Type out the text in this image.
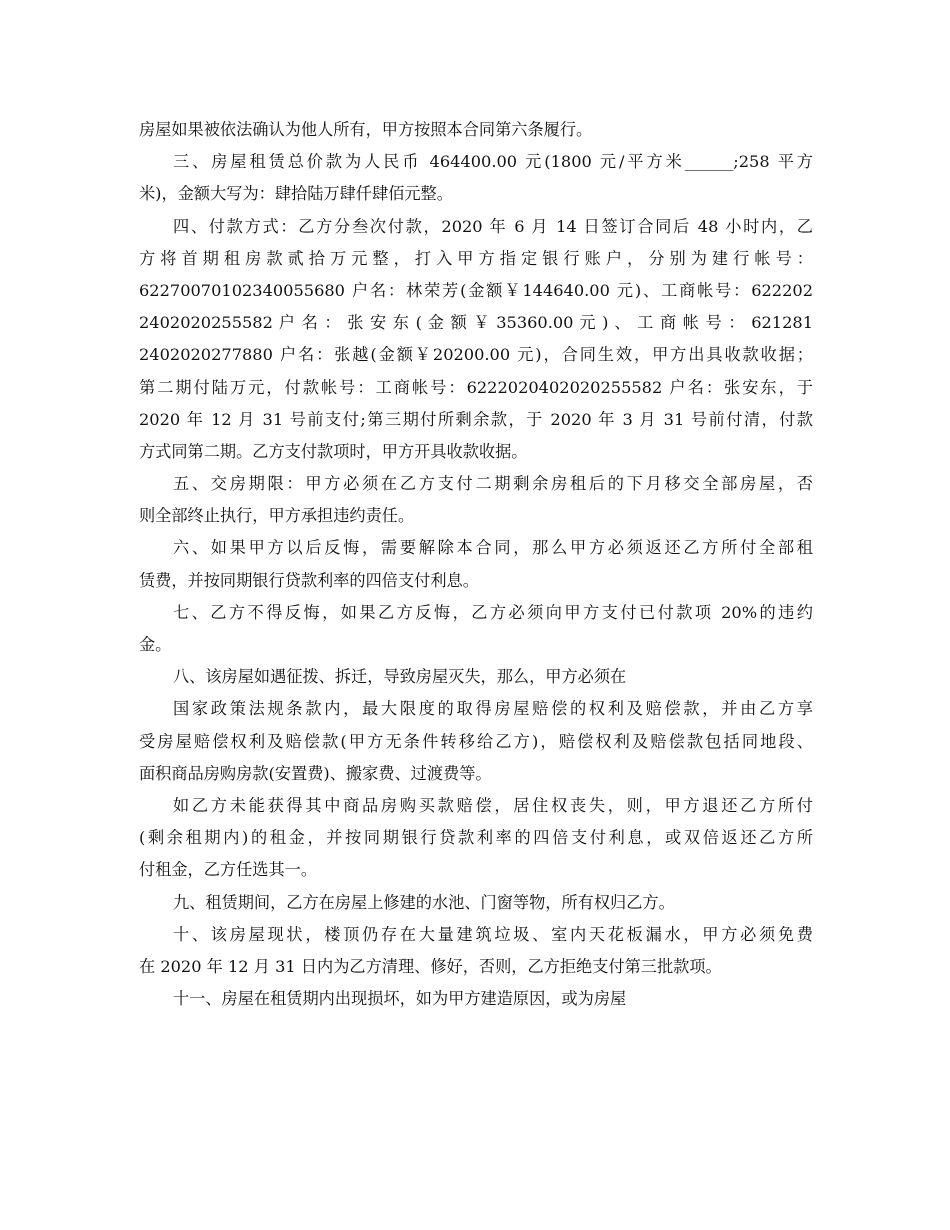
房屋如果被依法确认为他人所有，甲方按照本合同第六条履行。
三、房屋租赁总价款为人民币 464400.00 元(1800 元/平方米______;258 平方
米)，金额大写为：肆拾陆万肆仟肆佰元整。
四、付款方式：乙方分叁次付款，2020 年 6 月 14 日签订合同后 48 小时内，乙
方将首期租房款贰拾万元整，打入甲方指定银行账户，分别为建行帐号：
62270070102340055680 户名：林荣芳(金额￥144640.00 元)、工商帐号：622202
2402020255582 户 名 ： 张 安 东 ( 金 额 ￥ 35360.00 元 ) 、 工 商 帐 号 ： 621281
2402020277880 户名：张越(金额￥20200.00 元)，合同生效，甲方出具收款收据；
第二期付陆万元，付款帐号：工商帐号：6222020402020255582 户名：张安东，于
2020 年 12 月 31 号前支付;第三期付所剩余款，于 2020 年 3 月 31 号前付清，付款
方式同第二期。乙方支付款项时，甲方开具收款收据。
五、交房期限：甲方必须在乙方支付二期剩余房租后的下月移交全部房屋，否
则全部终止执行，甲方承担违约责任。
六、如果甲方以后反悔，需要解除本合同，那么甲方必须返还乙方所付全部租
赁费，并按同期银行贷款利率的四倍支付利息。
七、乙方不得反悔，如果乙方反悔，乙方必须向甲方支付已付款项 20%的违约
金。
八、该房屋如遇征拨、拆迁，导致房屋灭失，那么，甲方必须在
国家政策法规条款内，最大限度的取得房屋赔偿的权利及赔偿款，并由乙方享
受房屋赔偿权利及赔偿款(甲方无条件转移给乙方)，赔偿权利及赔偿款包括同地段、
面积商品房购房款(安置费)、搬家费、过渡费等。
如乙方未能获得其中商品房购买款赔偿，居住权丧失，则，甲方退还乙方所付
(剩余租期内)的租金，并按同期银行贷款利率的四倍支付利息，或双倍返还乙方所
付租金，乙方任选其一。
九、租赁期间，乙方在房屋上修建的水池、门窗等物，所有权归乙方。
十、该房屋现状，楼顶仍存在大量建筑垃圾、室内天花板漏水，甲方必须免费
在 2020 年 12 月 31 日内为乙方清理、修好，否则，乙方拒绝支付第三批款项。
十一、房屋在租赁期内出现损坏，如为甲方建造原因，或为房屋
